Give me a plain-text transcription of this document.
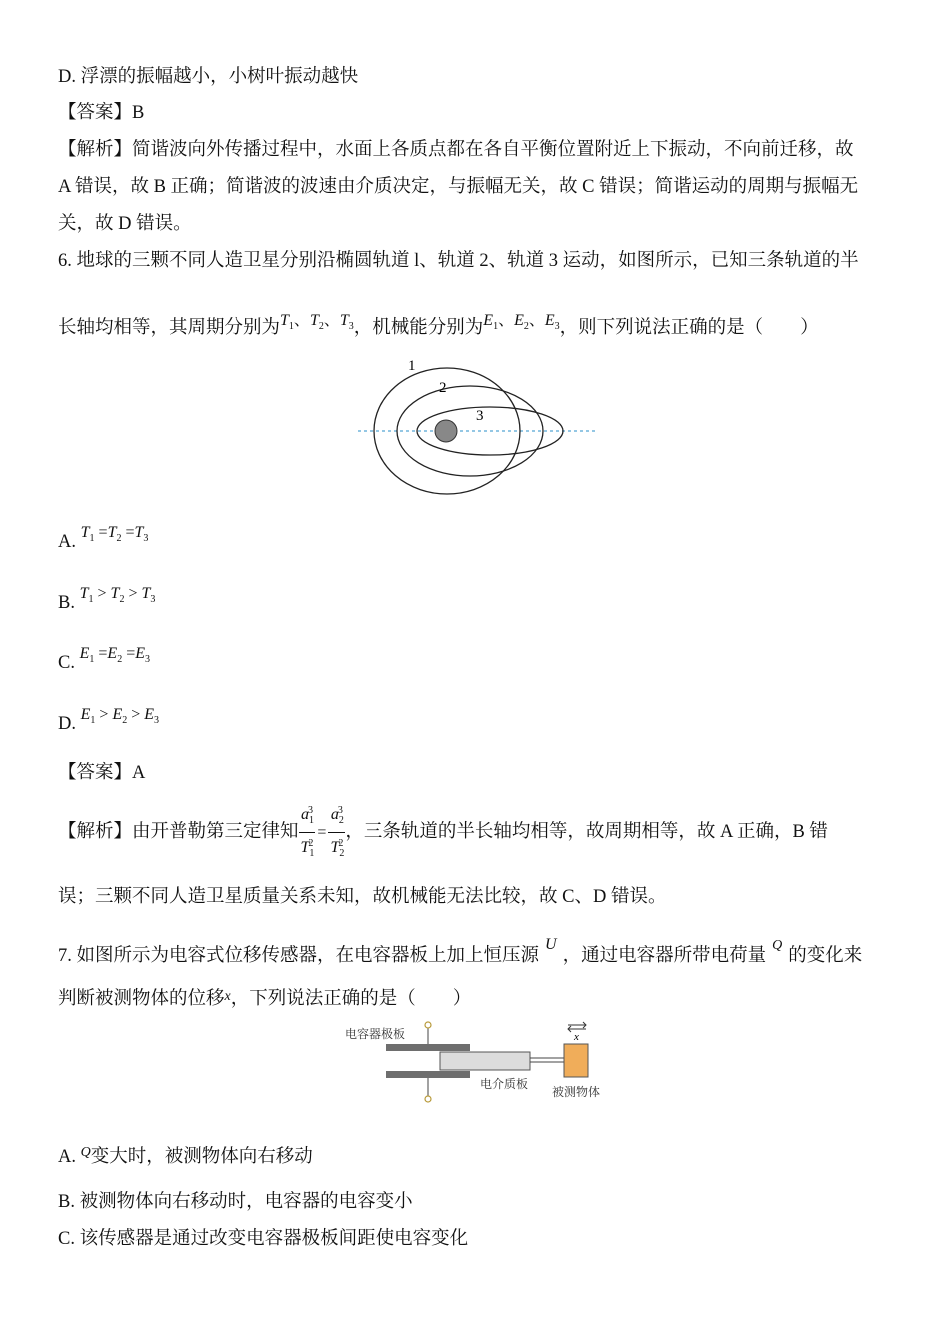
D. 浮漂的振幅越小，小树叶振动越快
【答案】B
【解析】简谐波向外传播过程中，水面上各质点都在各自平衡位置附近上下振动，不向前迁移，故
A 错误，故 B 正确；简谐波的波速由介质决定，与振幅无关，故 C 错误；简谐运动的周期与振幅无
关，故 D 错误。
6. 地球的三颗不同人造卫星分别沿椭圆轨道 l、轨道 2、轨道 3 运动，如图所示，已知三条轨道的半
长轴均相等，其周期分别为$T_1$、$T_2$、$T_3$，机械能分别为$E_1$、$E_2$、$E_3$，则下列说法正确的是（　　）
1
2
3
A. $T_1 =T_2 =T_3$
B. $T_1 > T_2 > T_3$
C. $E_1 =E_2 =E_3$
D. $E_1 > E_2 > E_3$
【答案】A
【解析】由开普勒第三定律知 $\frac{a_1^3}{T_1^2} = \frac{a_2^3}{T_2^2}$ ，三条轨道的半长轴均相等，故周期相等，故 A 正确，B 错
误；三颗不同人造卫星质量关系未知，故机械能无法比较，故 C、D 错误。
7. 如图所示为电容式位移传感器，在电容器板上加上恒压源U，通过电容器所带电荷量$^Q$的变化来
判断被测物体的位移$^x$，下列说法正确的是（　　）
x
电容器极板
电介质板
被测物体
A. $^Q$变大时，被测物体向右移动
B. 被测物体向右移动时，电容器的电容变小
C. 该传感器是通过改变电容器极板间距使电容变化
